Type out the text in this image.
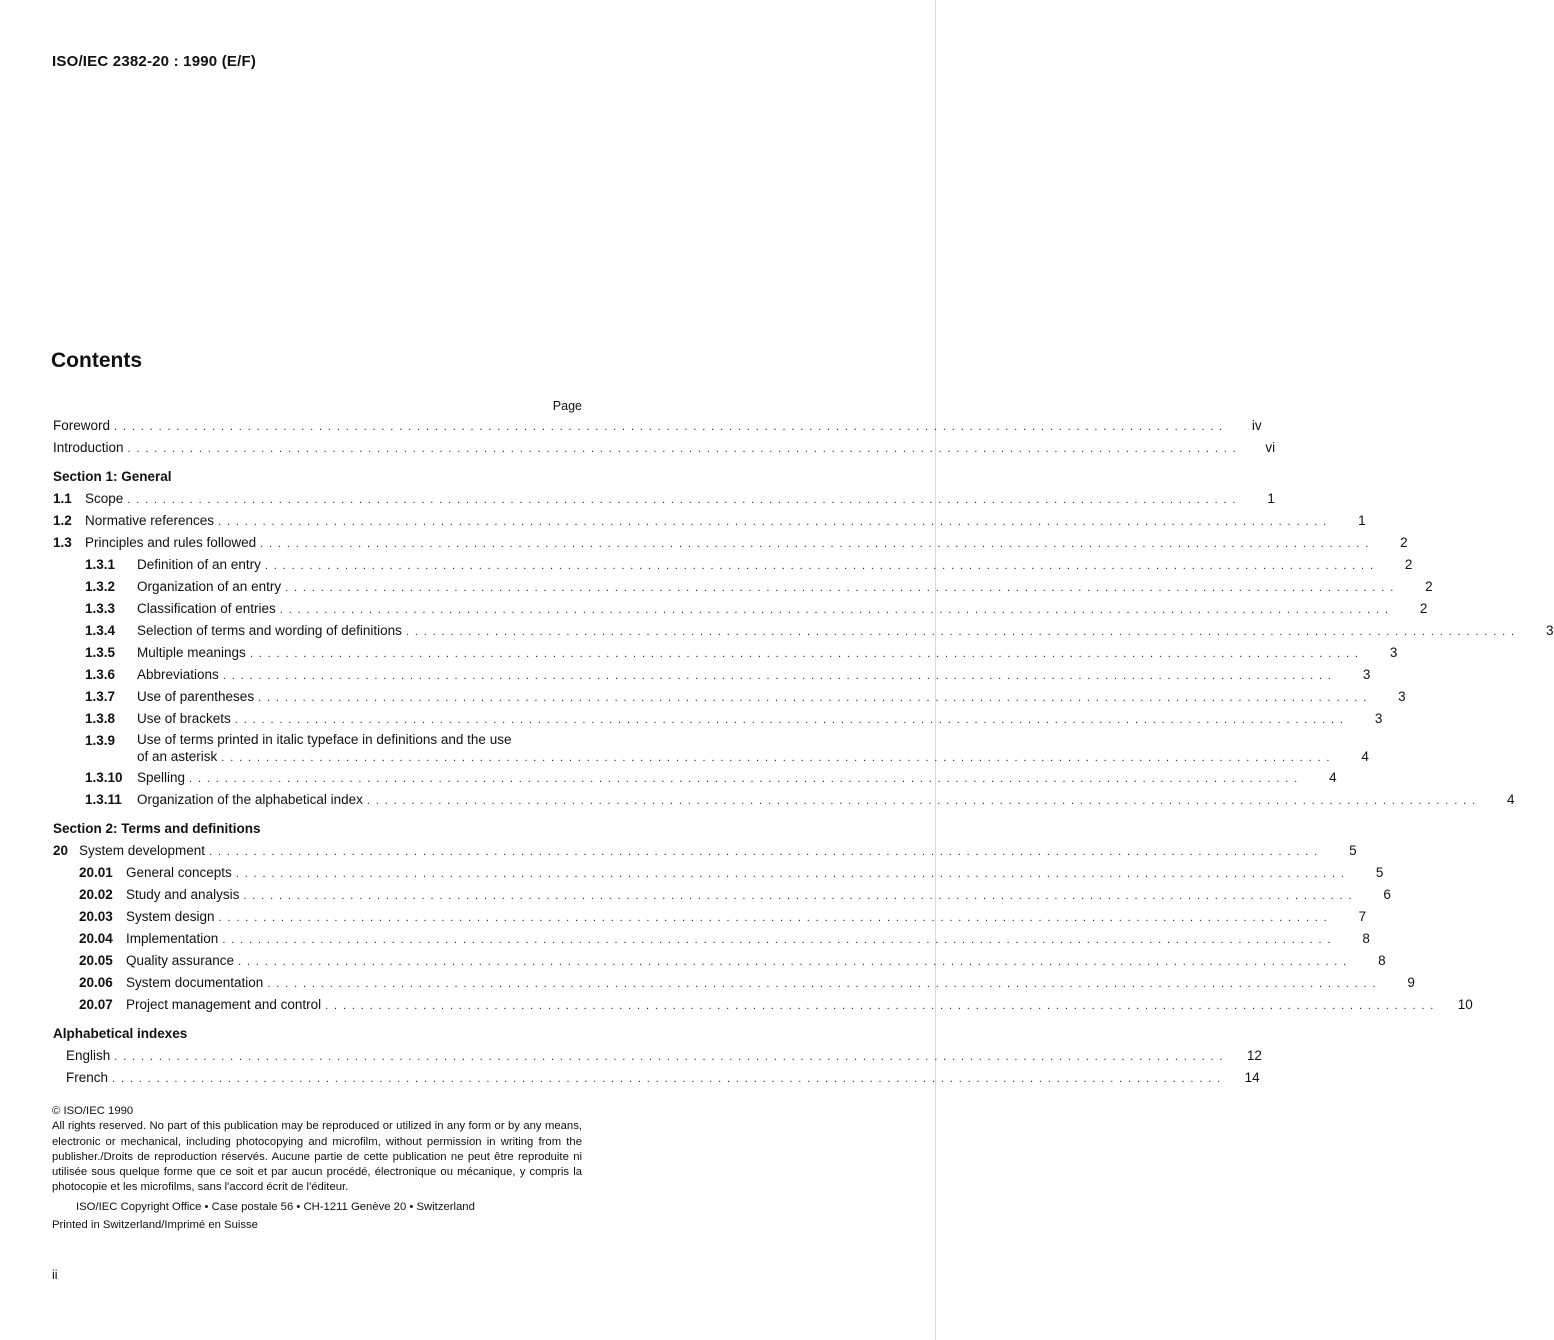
ISO/IEC 2382-20 : 1990 (E/F)
Contents
Page
Foreword . . .	iv
Introduction . . .	vi
Section 1: General
1.1 Scope . . .	1
1.2 Normative references . . .	1
1.3 Principles and rules followed . . .	2
1.3.1	Definition of an entry . . .	2
1.3.2	Organization of an entry . . .	2
1.3.3	Classification of entries . . .	2
1.3.4	Selection of terms and wording of definitions . . .	3
1.3.5	Multiple meanings . . .	3
1.3.6	Abbreviations . . .	3
1.3.7	Use of parentheses . . .	3
1.3.8	Use of brackets . . .	3
1.3.9	Use of terms printed in italic typeface in definitions and the use
of an asterisk . . .	4
1.3.10	Spelling . . .	4
1.3.11	Organization of the alphabetical index . . .	4
Section 2: Terms and definitions
20 System development . . .	5
20.01 General concepts . . .	5
20.02 Study and analysis . . .	6
20.03 System design . . .	7
20.04 Implementation . . .	8
20.05 Quality assurance . . .	8
20.06 System documentation . . .	9
20.07 Project management and control . . .	10
Alphabetical indexes
English . . .	12
French . . .	14
© ISO/IEC 1990
All rights reserved. No part of this publication may be reproduced or utilized in any form or by any means, electronic or mechanical, including photocopying and microfilm, without permission in writing from the publisher./Droits de reproduction réservés. Aucune partie de cette publication ne peut être reproduite ni utilisée sous quelque forme que ce soit et par aucun procédé, électronique ou mécanique, y compris la photocopie et les microfilms, sans l'accord écrit de l'éditeur.
ISO/IEC Copyright Office • Case postale 56 • CH-1211 Genève 20 • Switzerland
Printed in Switzerland/Imprimé en Suisse
ii
